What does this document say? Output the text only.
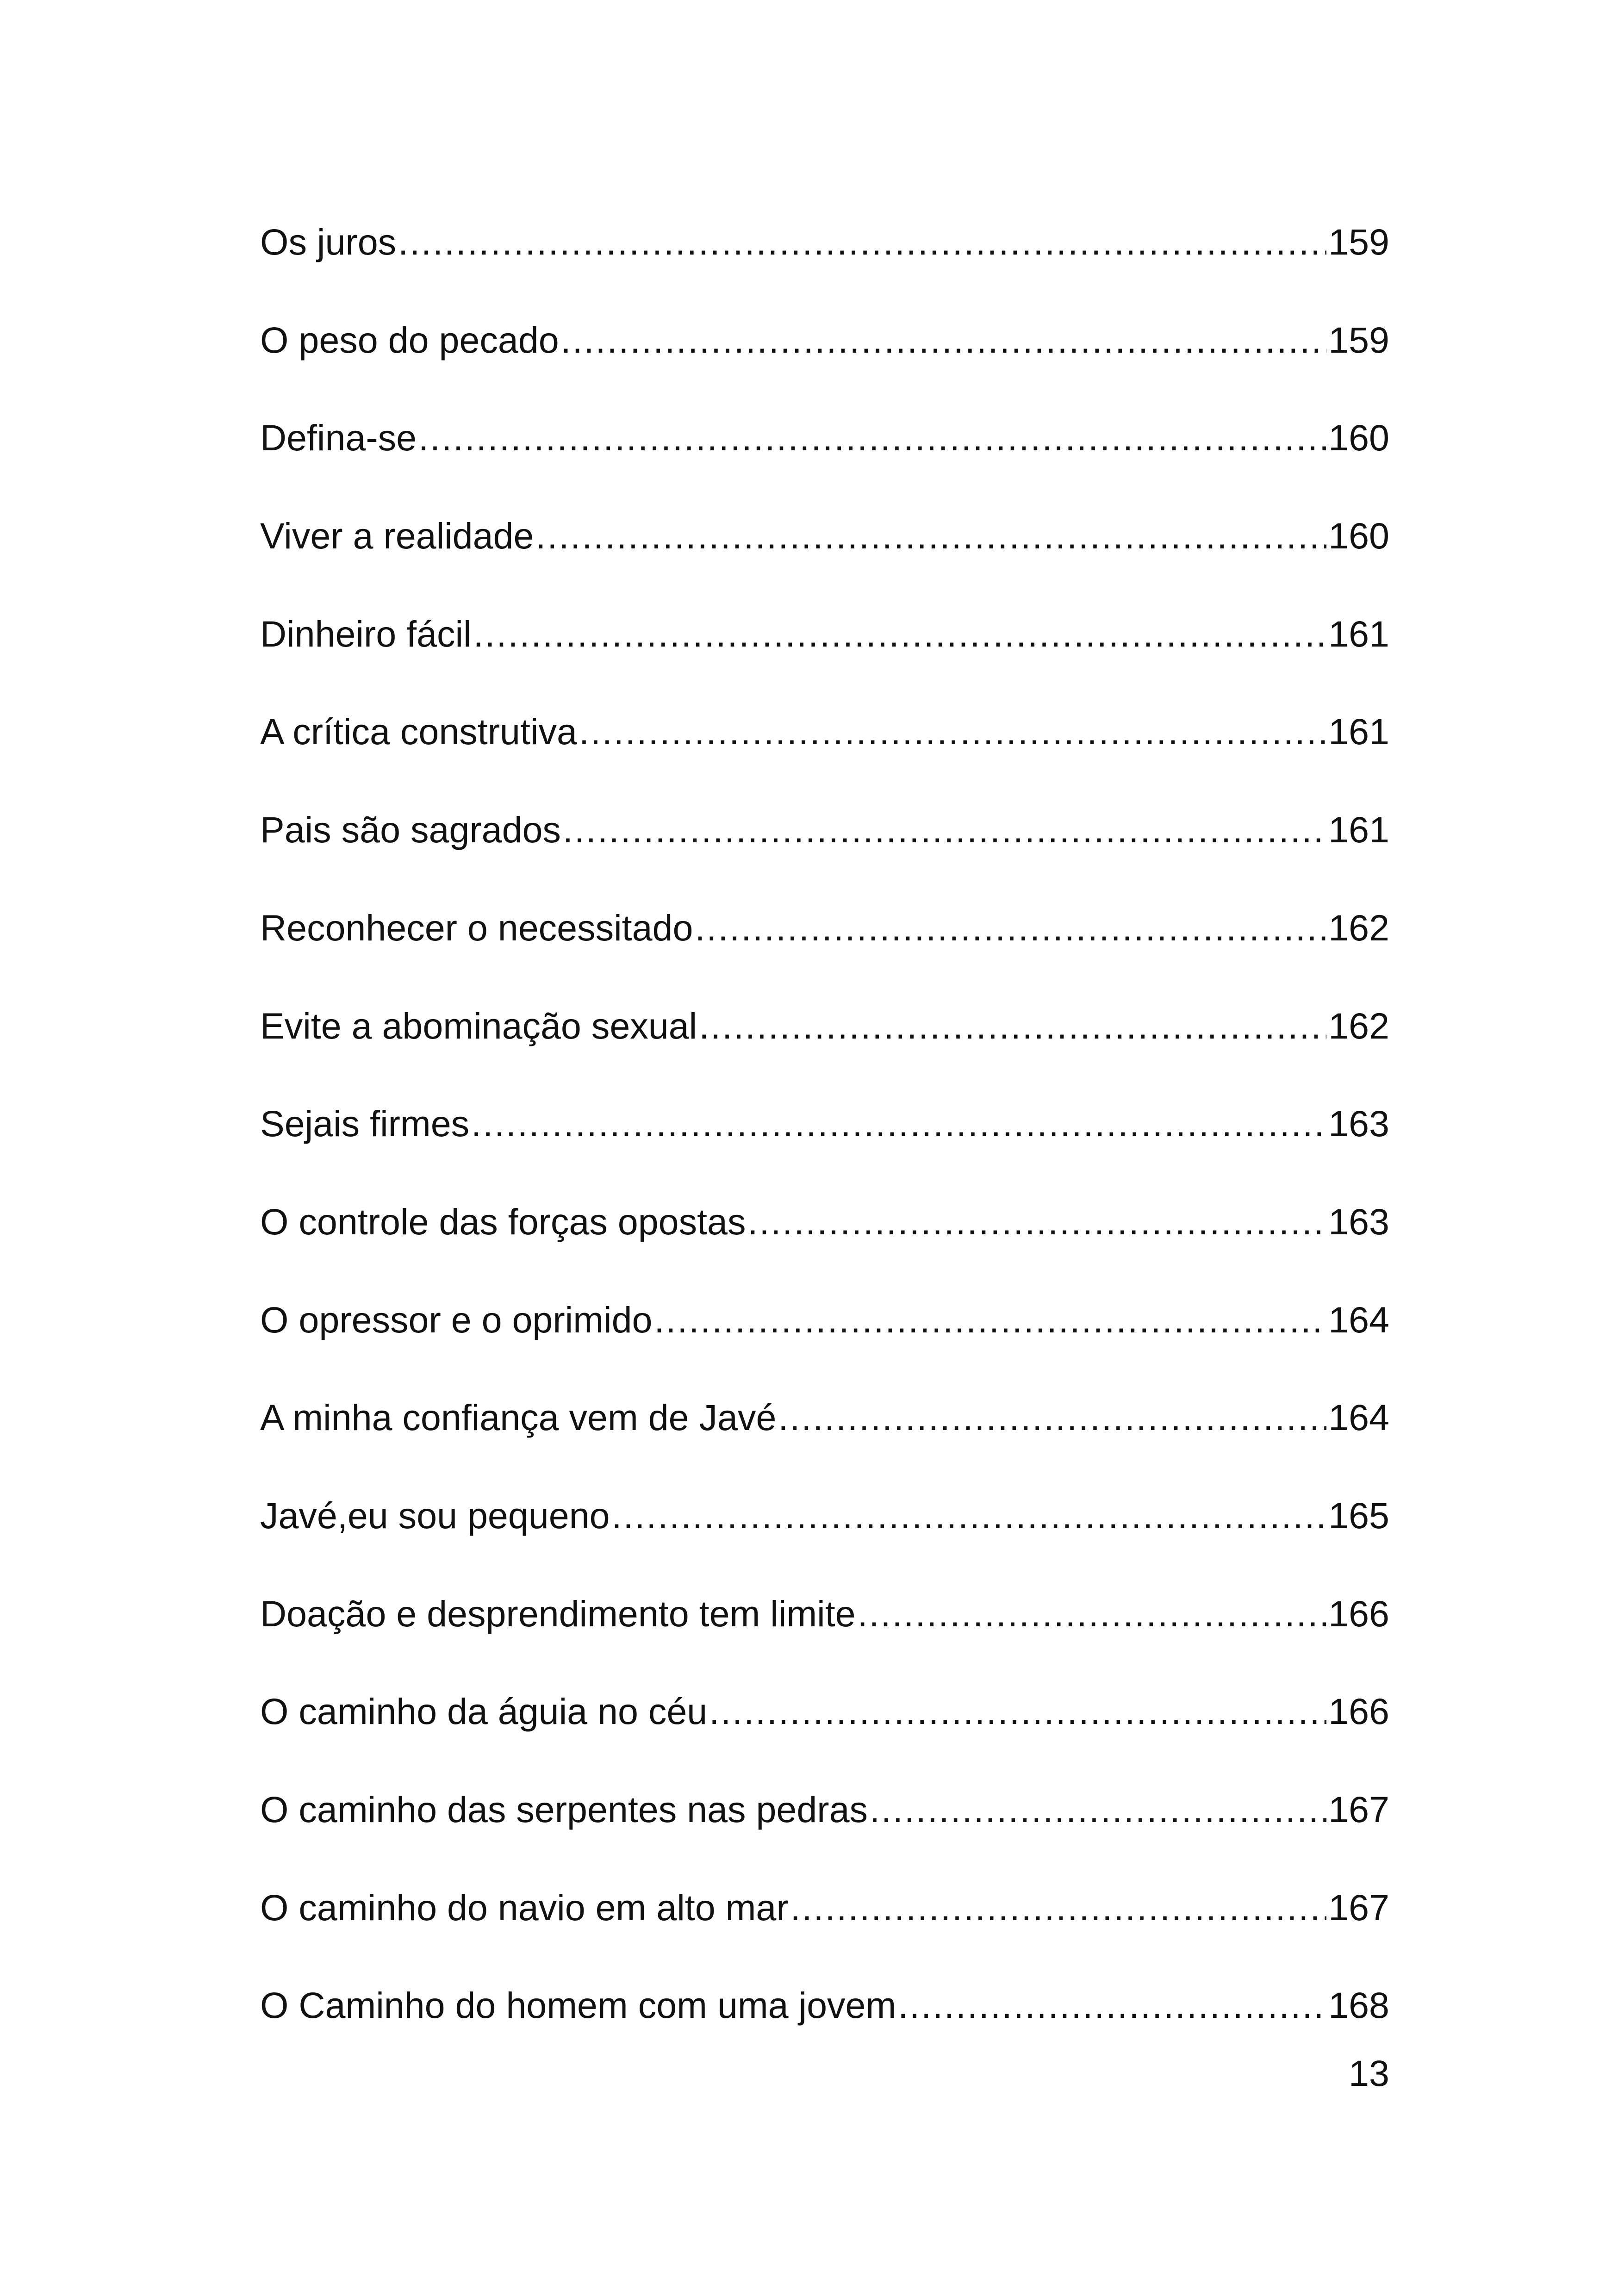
Os juros .....	159
O peso do pecado .....	159
Defina-se .....	160
Viver a realidade .....	160
Dinheiro fácil .....	161
A crítica construtiva .....	161
Pais são sagrados .....	161
Reconhecer o necessitado .....	162
Evite a abominação sexual .....	162
Sejais firmes .....	163
O controle das forças opostas .....	163
O opressor e o oprimido .....	164
A minha confiança vem de Javé .....	164
Javé,eu sou pequeno .....	165
Doação e desprendimento tem limite .....	166
O caminho da águia no céu .....	166
O caminho das serpentes nas pedras .....	167
O caminho do navio em alto mar .....	167
O Caminho do homem com uma jovem .....	168
13
